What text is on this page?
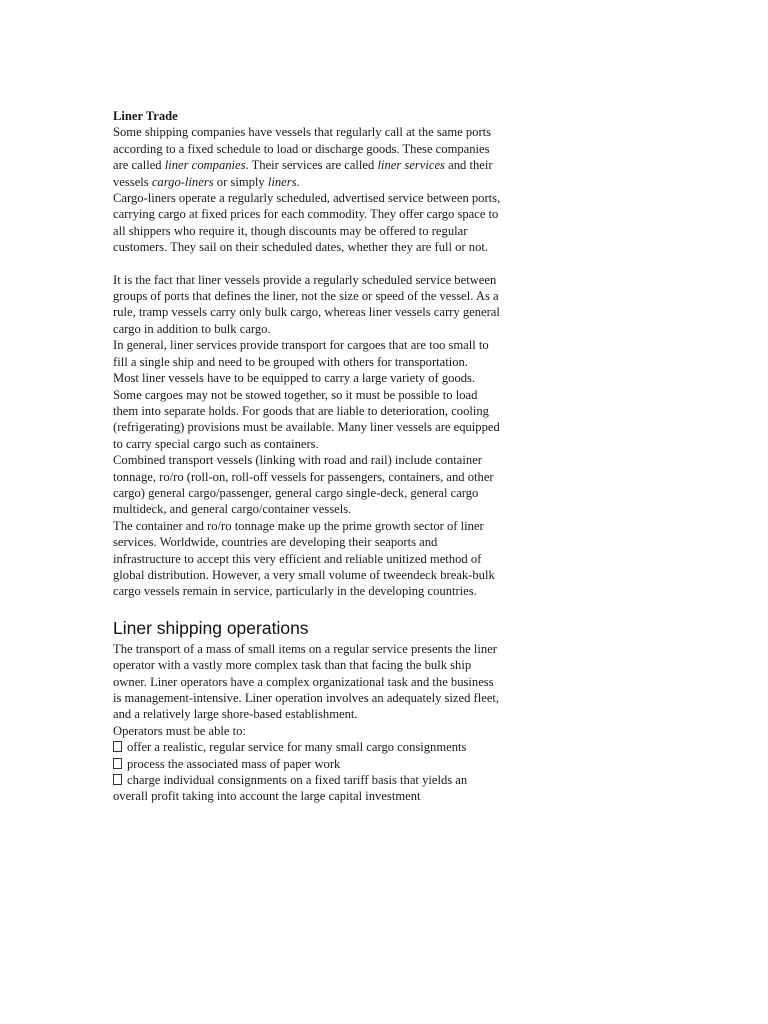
Liner Trade

Some shipping companies have vessels that regularly call at the same ports according to a fixed schedule to load or discharge goods. These companies are called liner companies. Their services are called liner services and their vessels cargo-liners or simply liners.

Cargo-liners operate a regularly scheduled, advertised service between ports, carrying cargo at fixed prices for each commodity. They offer cargo space to all shippers who require it, though discounts may be offered to regular customers. They sail on their scheduled dates, whether they are full or not.

It is the fact that liner vessels provide a regularly scheduled service between groups of ports that defines the liner, not the size or speed of the vessel. As a rule, tramp vessels carry only bulk cargo, whereas liner vessels carry general cargo in addition to bulk cargo.

In general, liner services provide transport for cargoes that are too small to fill a single ship and need to be grouped with others for transportation.

Most liner vessels have to be equipped to carry a large variety of goods. Some cargoes may not be stowed together, so it must be possible to load them into separate holds. For goods that are liable to deterioration, cooling (refrigerating) provisions must be available. Many liner vessels are equipped to carry special cargo such as containers.

Combined transport vessels (linking with road and rail) include container tonnage, ro/ro (roll-on, roll-off vessels for passengers, containers, and other cargo) general cargo/passenger, general cargo single-deck, general cargo multideck, and general cargo/container vessels.

The container and ro/ro tonnage make up the prime growth sector of liner services. Worldwide, countries are developing their seaports and infrastructure to accept this very efficient and reliable unitized method of global distribution. However, a very small volume of tweendeck break-bulk cargo vessels remain in service, particularly in the developing countries.

Liner shipping operations

The transport of a mass of small items on a regular service presents the liner operator with a vastly more complex task than that facing the bulk ship owner. Liner operators have a complex organizational task and the business is management-intensive. Liner operation involves an adequately sized fleet, and a relatively large shore-based establishment.

Operators must be able to:

offer a realistic, regular service for many small cargo consignments

process the associated mass of paper work

charge individual consignments on a fixed tariff basis that yields an overall profit taking into account the large capital investment
